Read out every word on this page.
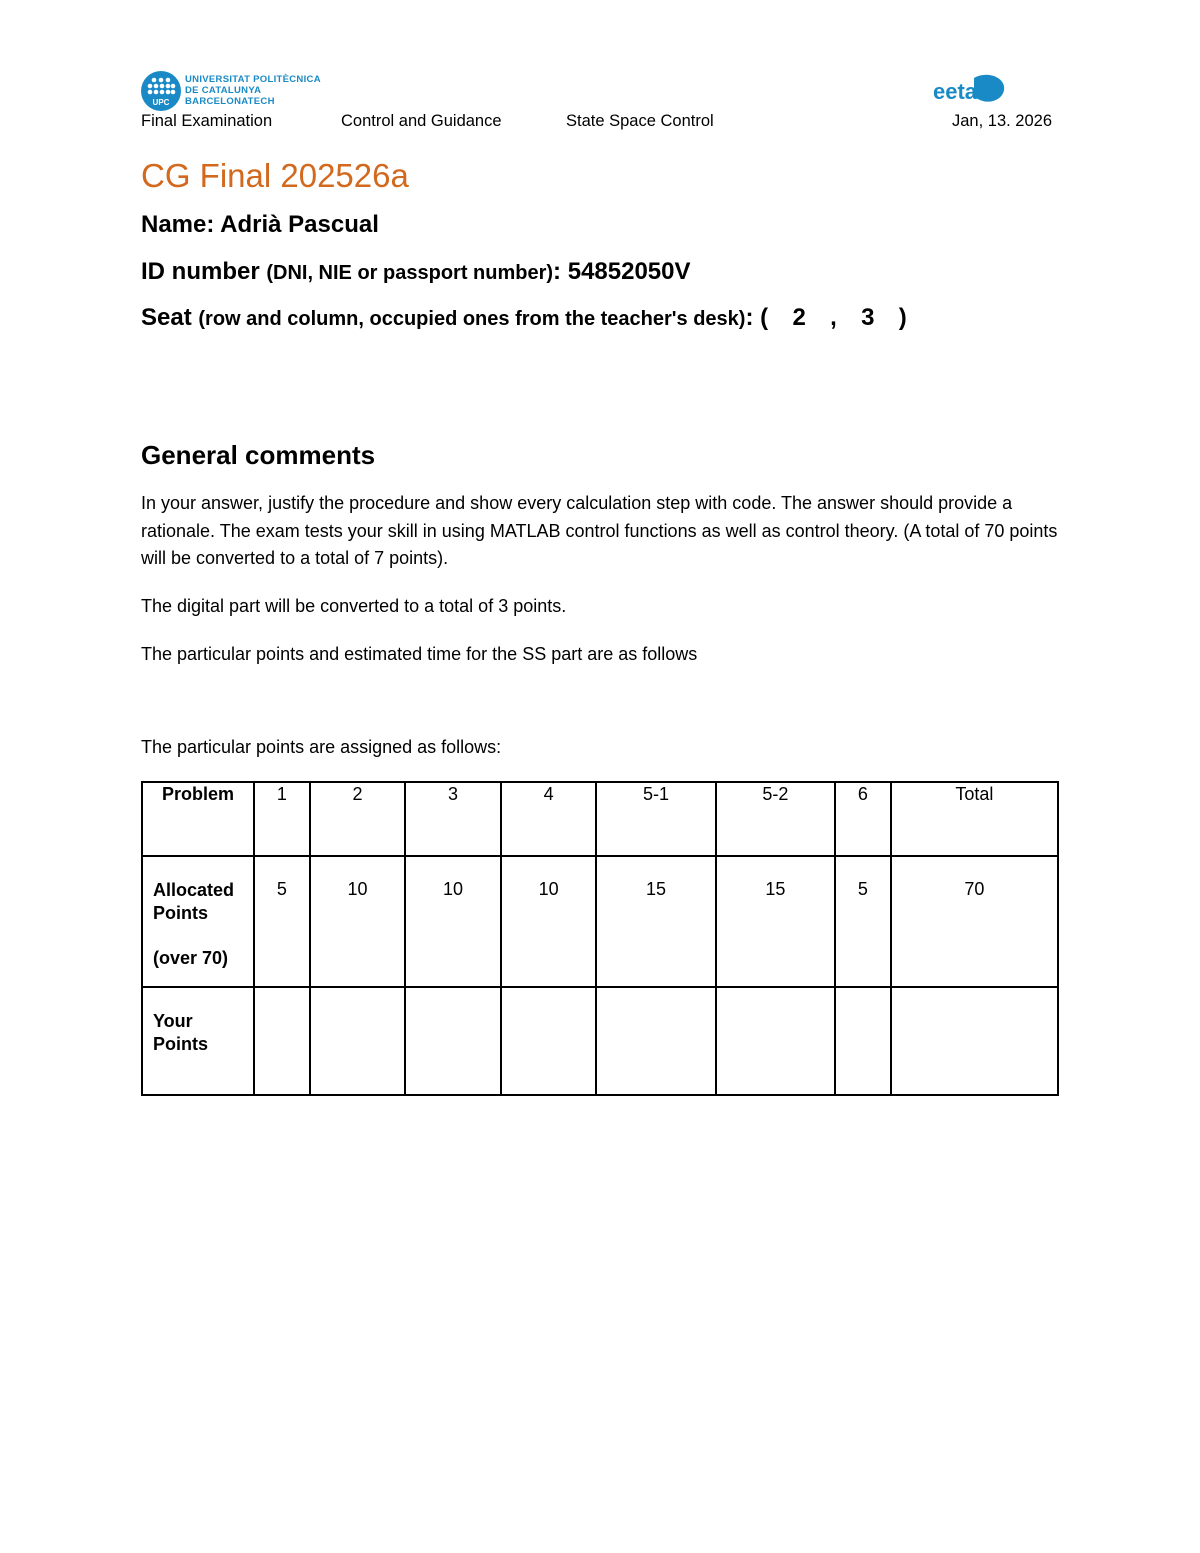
UPC
UNIVERSITAT POLITÈCNICA
DE CATALUNYA
BARCELONATECH	eetac
Final Examination	Control and Guidance	State Space Control	Jan, 13. 2026
CG Final 202526a
Name: Adrià Pascual
ID number (DNI, NIE or passport number): 54852050V
Seat (row and column, occupied ones from the teacher's desk): ( 2 , 3 )
General comments
In your answer, justify the procedure and show every calculation step with code. The answer should provide a rationale. The exam tests your skill in using MATLAB control functions as well as control theory. (A total of 70 points will be converted to a total of 7 points).
The digital part will be converted to a total of 3 points.
The particular points and estimated time for the SS part are as follows
The particular points are assigned as follows:
Problem	1	2	3	4	5-1	5-2	6	Total
Allocated Points
(over 70)	5	10	10	10	15	15	5	70
Your Points								
